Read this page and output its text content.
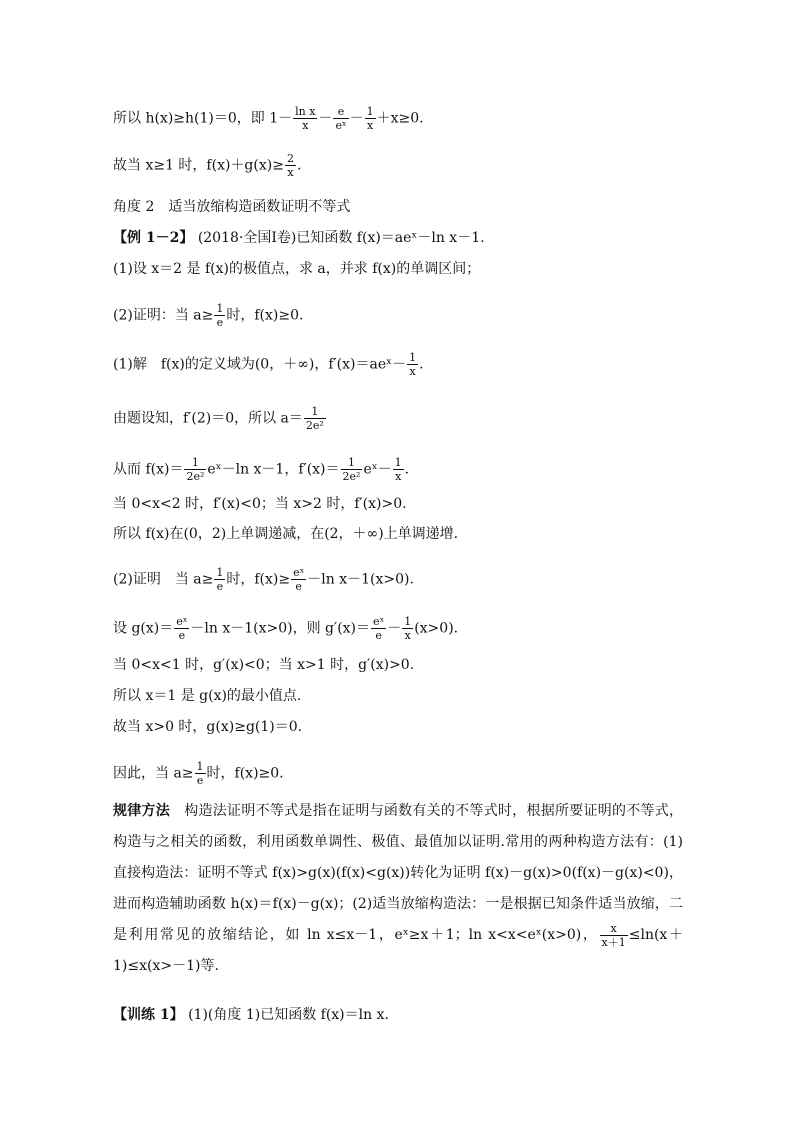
所以 h(x)≥h(1)＝0，即 $1- \frac{\text{ln x}}{x} - \frac{e}{\text{eˣ}} - \frac{1}{x} +x\ge 0$.
故当 x≥1 时，$f(x)+g(x)\ge \frac{2}{x}$ .
角度 2　适当放缩构造函数证明不等式
【例 1－2】 (2018·全国Ⅰ卷)已知函数 f(x)＝aeˣ－ln x－1.
(1)设 x＝2 是 f(x)的极值点，求 a，并求 f(x)的单调区间；
(2)证明：当 $a\ge \frac{1}{e}$ 时，f(x)≥0.
(1)解　f(x)的定义域为(0，＋∞)，f′(x)＝aeˣ－ $\frac{1}{x}$ .
由题设知，f′(2)＝0，所以 $a= \frac{1}{\text{2e²}}$
从而 $f(x)= \frac{1}{\text{2e²}}$ eˣ－ln x－1，$f'(x)= \frac{1}{\text{2e²}}$ eˣ－ $\frac{1}{x}$ .
当 0<x<2 时，f′(x)<0；当 x>2 时，f′(x)>0.
所以 f(x)在(0，2)上单调递减，在(2，＋∞)上单调递增.
(2)证明　当 $a\ge \frac{1}{e}$ 时，$f(x)\ge \frac{\text{eˣ}}{e} -\ln$ x－1(x>0).
设 $g(x)= \frac{\text{eˣ}}{e} -\ln$ x－1(x>0)，则 $g'(x)= \frac{\text{eˣ}}{e} - \frac{1}{x} (x>0)$.
当 0<x<1 时，g′(x)<0；当 x>1 时，g′(x)>0.
所以 x＝1 是 g(x)的最小值点.
故当 x>0 时，g(x)≥g(1)＝0.
因此，当 $a\ge \frac{1}{e}$ 时，f(x)≥0.
规律方法　构造法证明不等式是指在证明与函数有关的不等式时，根据所要证明的不等式，构造与之相关的函数，利用函数单调性、极值、最值加以证明.常用的两种构造方法有：(1)直接构造法：证明不等式 f(x)>g(x)(f(x)<g(x))转化为证明 f(x)－g(x)>0(f(x)－g(x)<0)，进而构造辅助函数 h(x)＝f(x)－g(x)；(2)适当放缩构造法：一是根据已知条件适当放缩，二是利用常见的放缩结论，如 ln x≤x－1，eˣ≥x＋1；ln x<x<eˣ(x>0)， $\frac{x}{x+1} \le\ln(x+1)\le x(x>-1)$等.
【训练 1】 (1)(角度 1)已知函数 f(x)＝ln x.
